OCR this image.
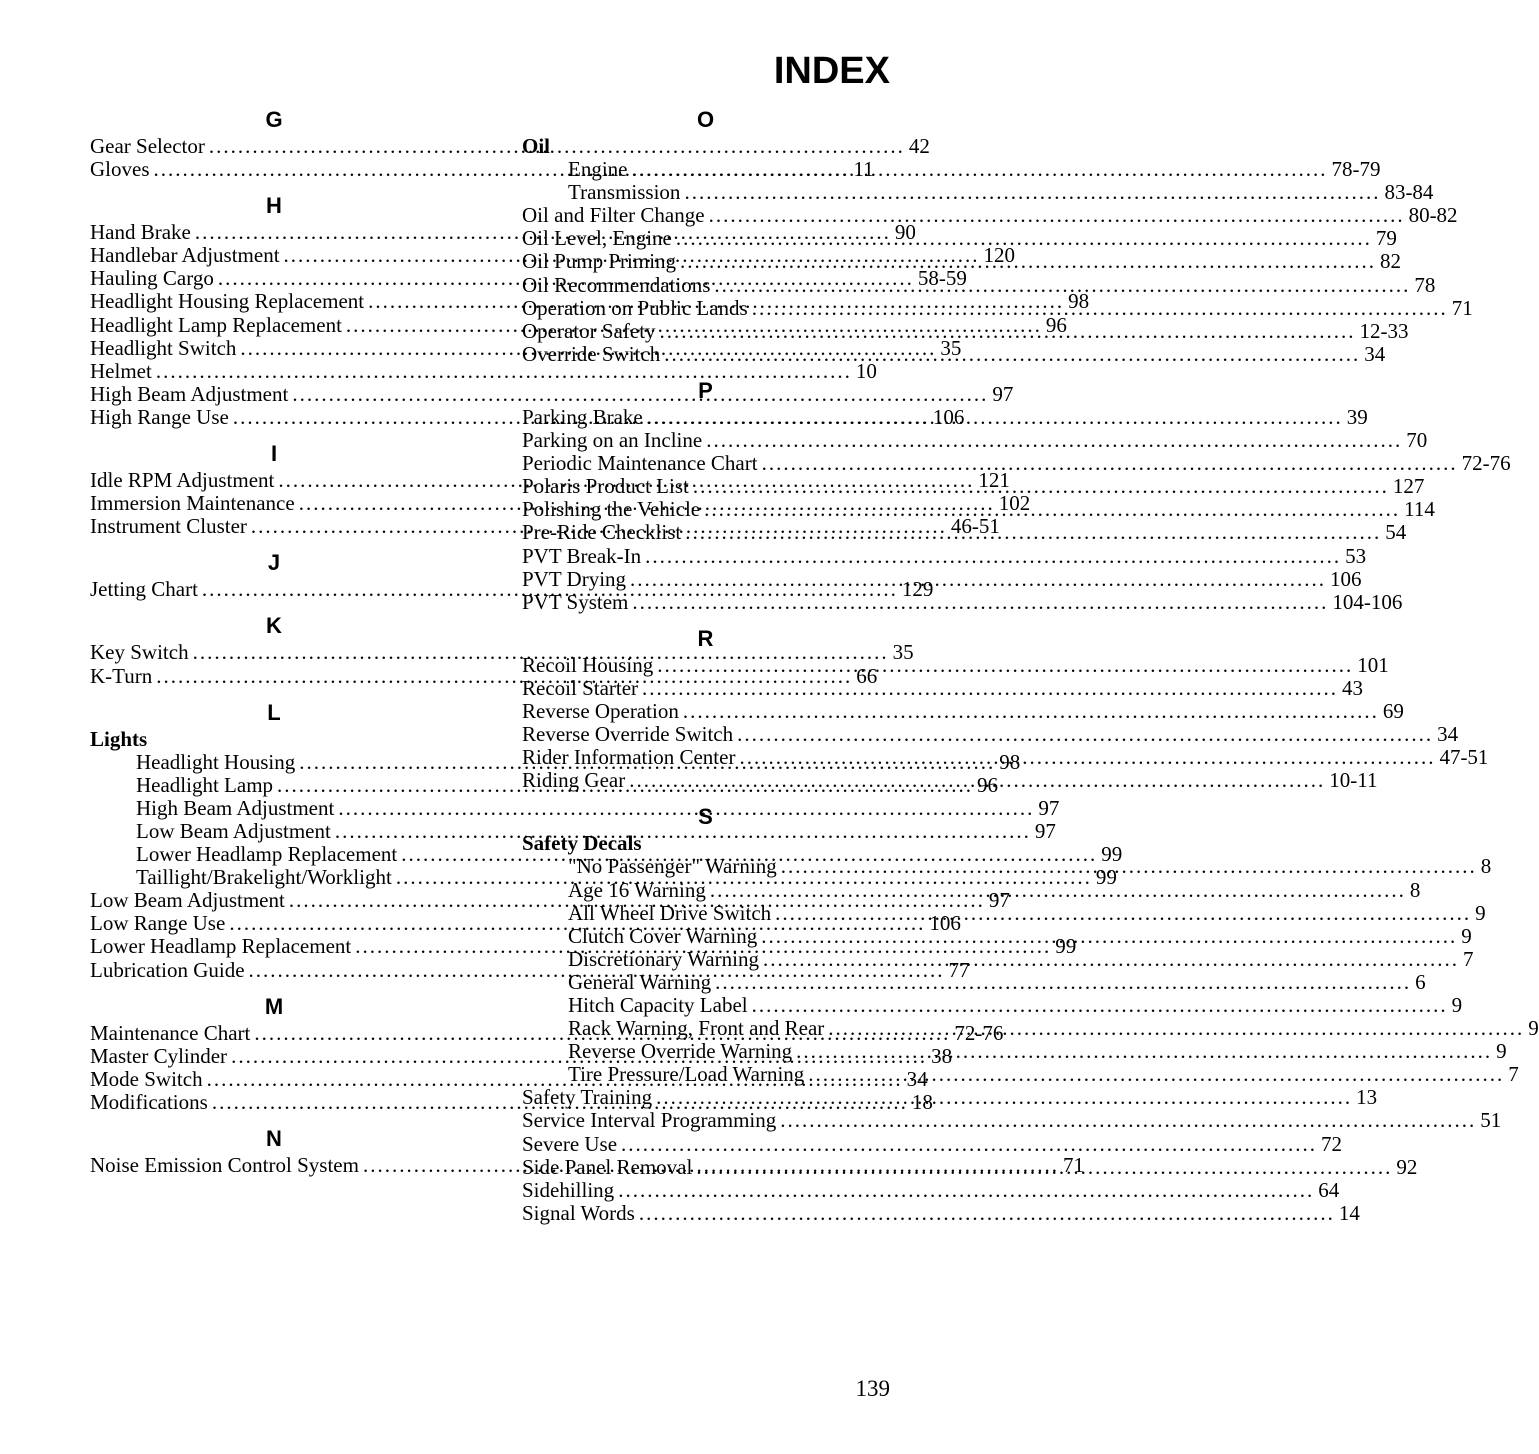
INDEX
G
Gear Selector .....	42
Gloves .....	11
H
Hand Brake .....	90
Handlebar Adjustment .....	120
Hauling Cargo .....	58-59
Headlight Housing Replacement .....	98
Headlight Lamp Replacement .....	96
Headlight Switch .....	35
Helmet .....	10
High Beam Adjustment .....	97
High Range Use .....	106
I
Idle RPM Adjustment .....	121
Immersion Maintenance .....	102
Instrument Cluster .....	46-51
J
Jetting Chart .....	129
K
Key Switch .....	35
K-Turn .....	66
L
Lights
Headlight Housing .....	98
Headlight Lamp .....	96
High Beam Adjustment .....	97
Low Beam Adjustment .....	97
Lower Headlamp Replacement .....	99
Taillight/Brakelight/Worklight .....	99
Low Beam Adjustment .....	97
Low Range Use .....	106
Lower Headlamp Replacement .....	99
Lubrication Guide .....	77
M
Maintenance Chart .....	72-76
Master Cylinder .....	38
Mode Switch .....	34
Modifications .....	18
N
Noise Emission Control System .....	71
O
Oil
Engine .....	78-79
Transmission .....	83-84
Oil and Filter Change .....	80-82
Oil Level, Engine .....	79
Oil Pump Priming .....	82
Oil Recommendations .....	78
Operation on Public Lands .....	71
Operator Safety .....	12-33
Override Switch .....	34
P
Parking Brake .....	39
Parking on an Incline .....	70
Periodic Maintenance Chart .....	72-76
Polaris Product List .....	127
Polishing the Vehicle .....	114
Pre-Ride Checklist .....	54
PVT Break-In .....	53
PVT Drying .....	106
PVT System .....	104-106
R
Recoil Housing .....	101
Recoil Starter .....	43
Reverse Operation .....	69
Reverse Override Switch .....	34
Rider Information Center .....	47-51
Riding Gear .....	10-11
S
Safety Decals
"No Passenger" Warning .....	8
Age 16 Warning .....	8
All Wheel Drive Switch .....	9
Clutch Cover Warning .....	9
Discretionary Warning .....	7
General Warning .....	6
Hitch Capacity Label .....	9
Rack Warning, Front and Rear .....	9
Reverse Override Warning .....	9
Tire Pressure/Load Warning .....	7
Safety Training .....	13
Service Interval Programming .....	51
Severe Use .....	72
Side Panel Removal .....	92
Sidehilling .....	64
Signal Words .....	14
139
